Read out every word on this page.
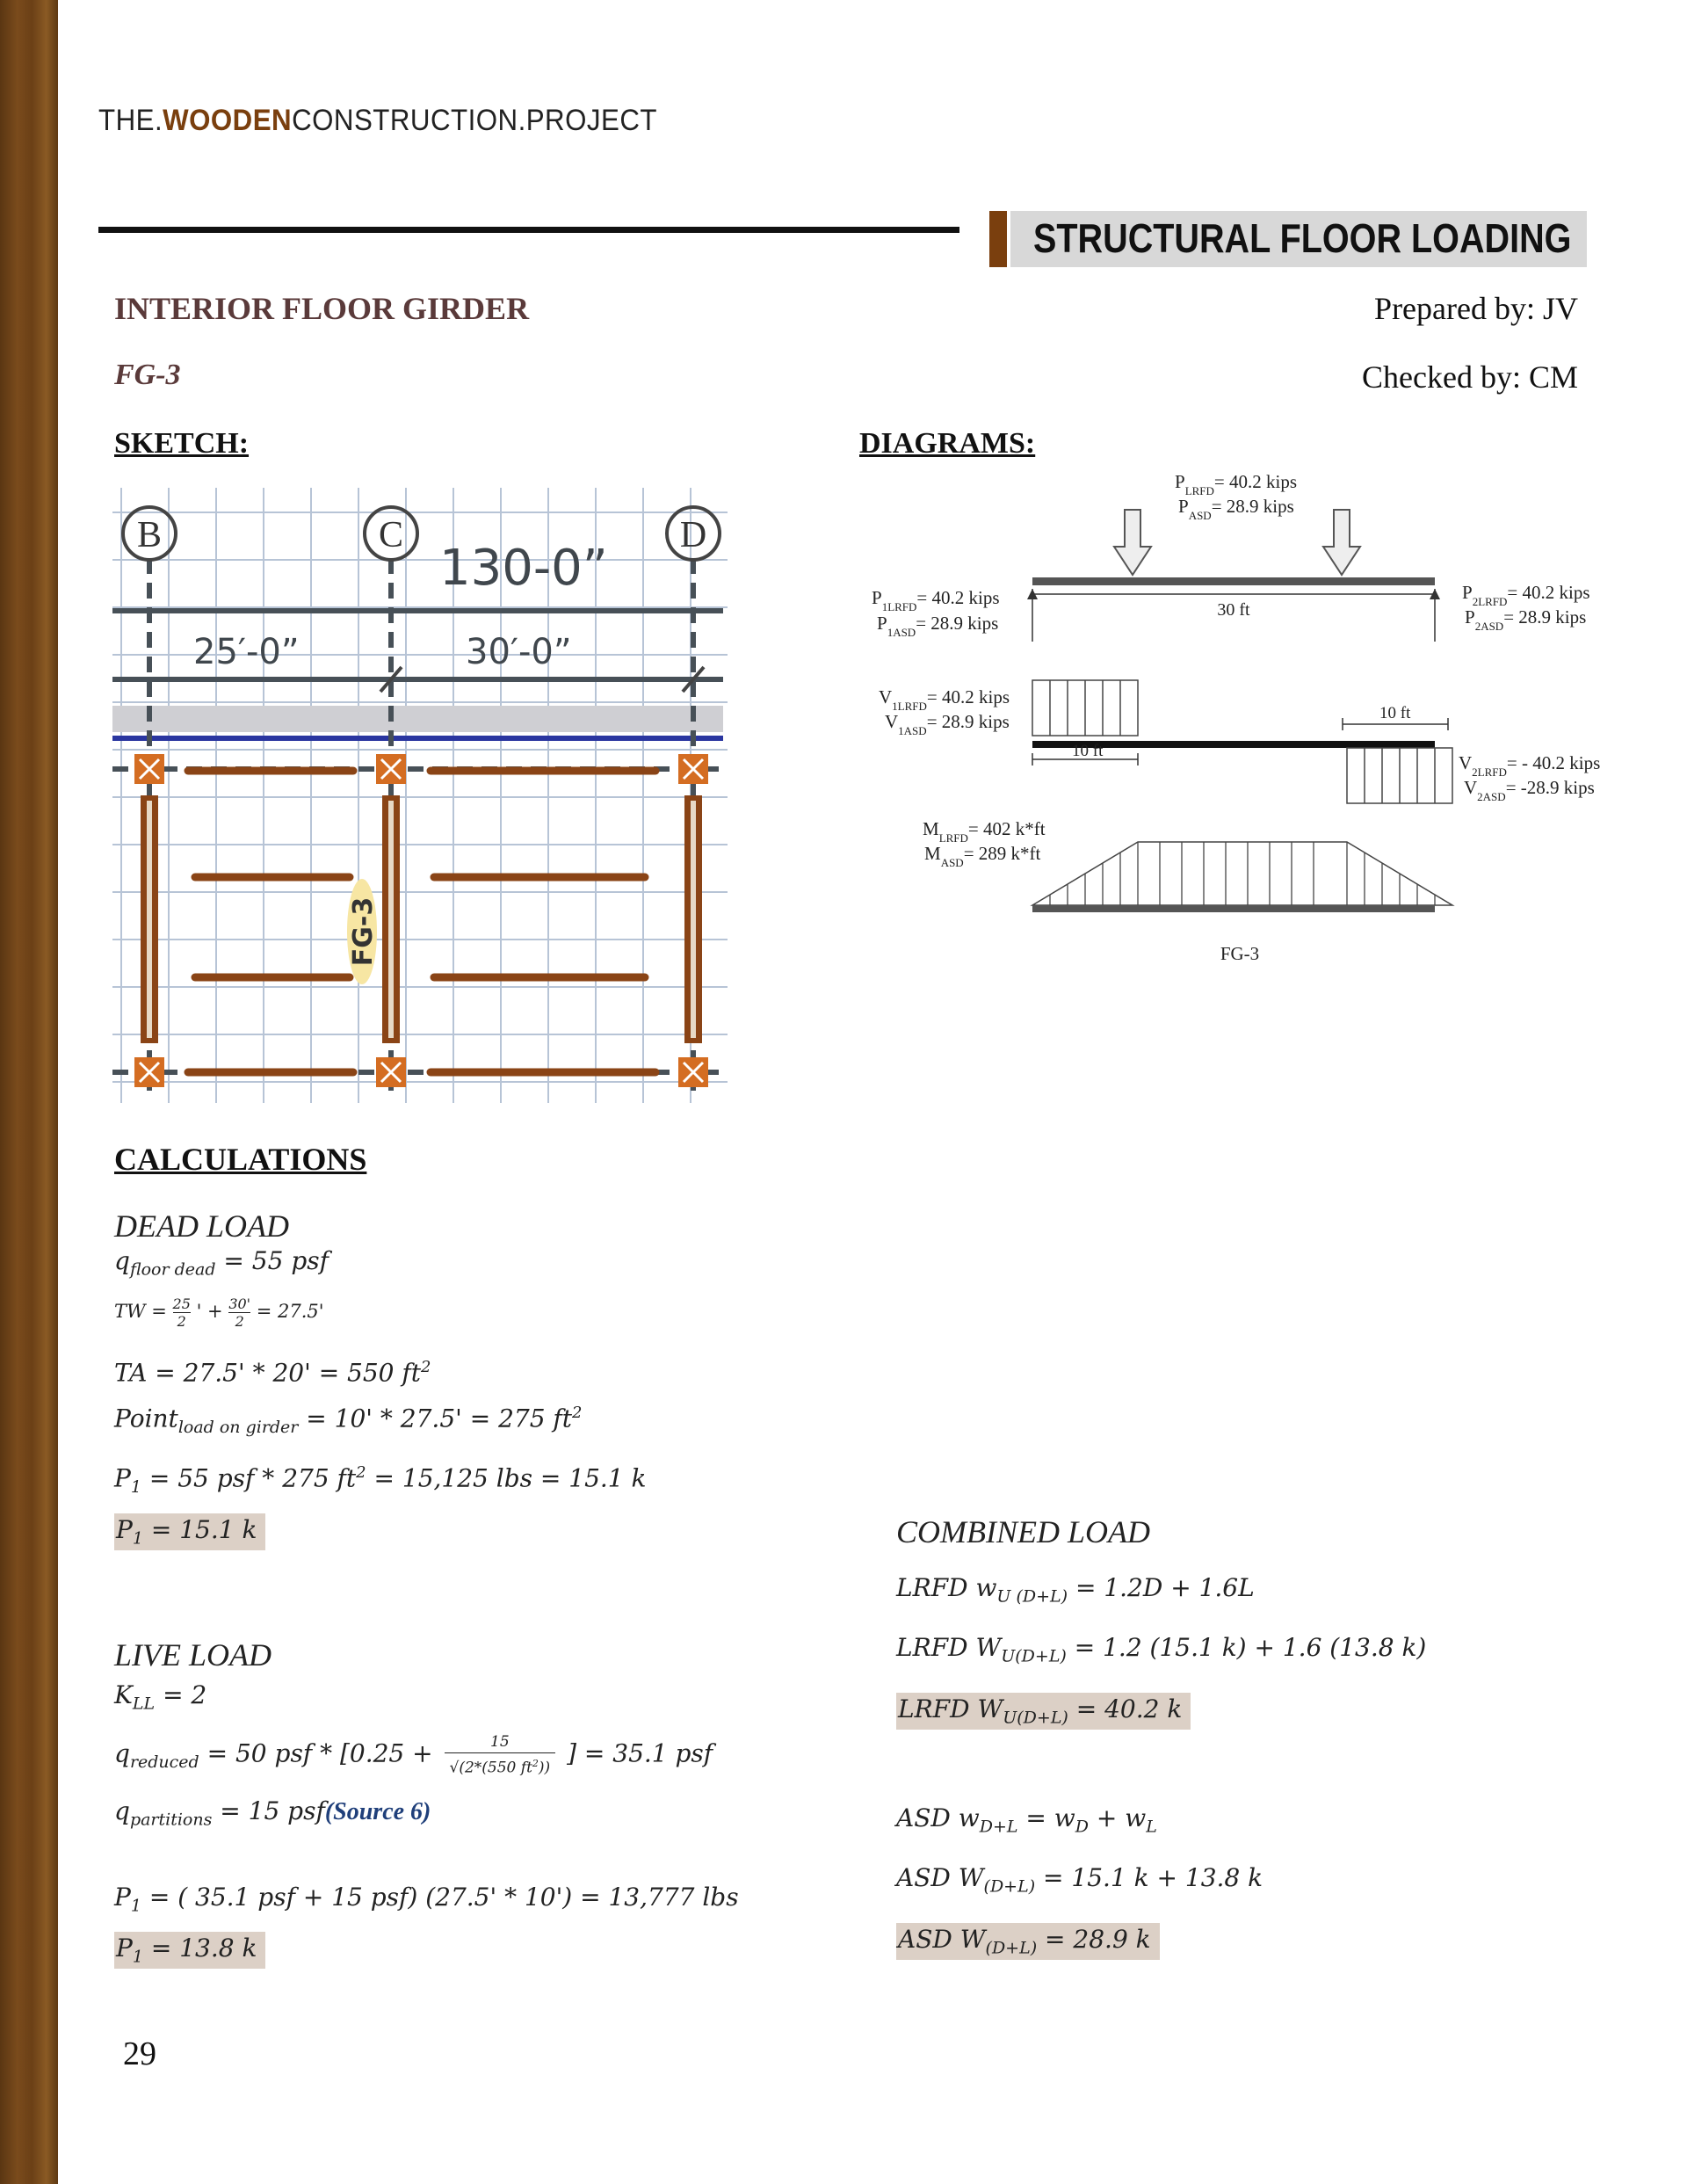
THE.WOODENCONSTRUCTION.PROJECT
STRUCTURAL FLOOR LOADING
INTERIOR FLOOR GIRDER
FG-3
Prepared by: JV
Checked by: CM
SKETCH:	DIAGRAMS:
B	C	D
130-0”
25′-0”	30′-0”
FG-3
$P_{LRFD}= 40.2$ kips
$P_{ASD}= 28.9$ kips
30 ft
$P_{1LRFD}= 40.2$ kips
$P_{1ASD}= 28.9$ kips
$P_{2LRFD}= 40.2$ kips
$P_{2ASD}= 28.9$ kips
$V_{1LRFD}= 40.2$ kips
$V_{1ASD}= 28.9$ kips
$V_{2LRFD}= - 40.2$ kips
$V_{2ASD}= -28.9$ kips
$M_{LRFD}= 402$ k*ft
$M_{ASD}= 289$ k*ft
10 ft
10 ft
FG-3
CALCULATIONS
DEAD LOAD
$q_{floor dead} = 55$ psf
TW = 25

2 ' + 30'

2 = 27.5'
TA = 27.5' * 20' = 550 $ft^2$
Point$_{load on girder}$ = 10' * 27.5' = 275 $ft^2$
$P_1 = 55$ psf * 275 $ft^2 = 15,125$ lbs = 15.1 k
$P_1 = 15.1$ k
LIVE LOAD
$K_{LL} = 2$
$q_{reduced} = 50$ psf * [0.25 +	15

√(2*(550 $ft^2$))
] = 35.1 psf
$q_{partitions} = 15$ psf(Source 6)
$P_1$ = ( 35.1 psf + 15 psf) (27.5' * 10') = 13,777 lbs
$P_1 = 13.8$ k
COMBINED LOAD
LRFD $w_{U (D+L)} = 1.2D + 1.6L$
LRFD $W_{U(D+L)} = 1.2$ (15.1 k) + 1.6 (13.8 k)
LRFD $W_{U(D+L)} = 40.2$ k
ASD $w_{D+L} = w_D + w_L$
ASD $W_{(D+L)} = 15.1$ k + 13.8 k
ASD $W_{(D+L)} = 28.9$ k
29
